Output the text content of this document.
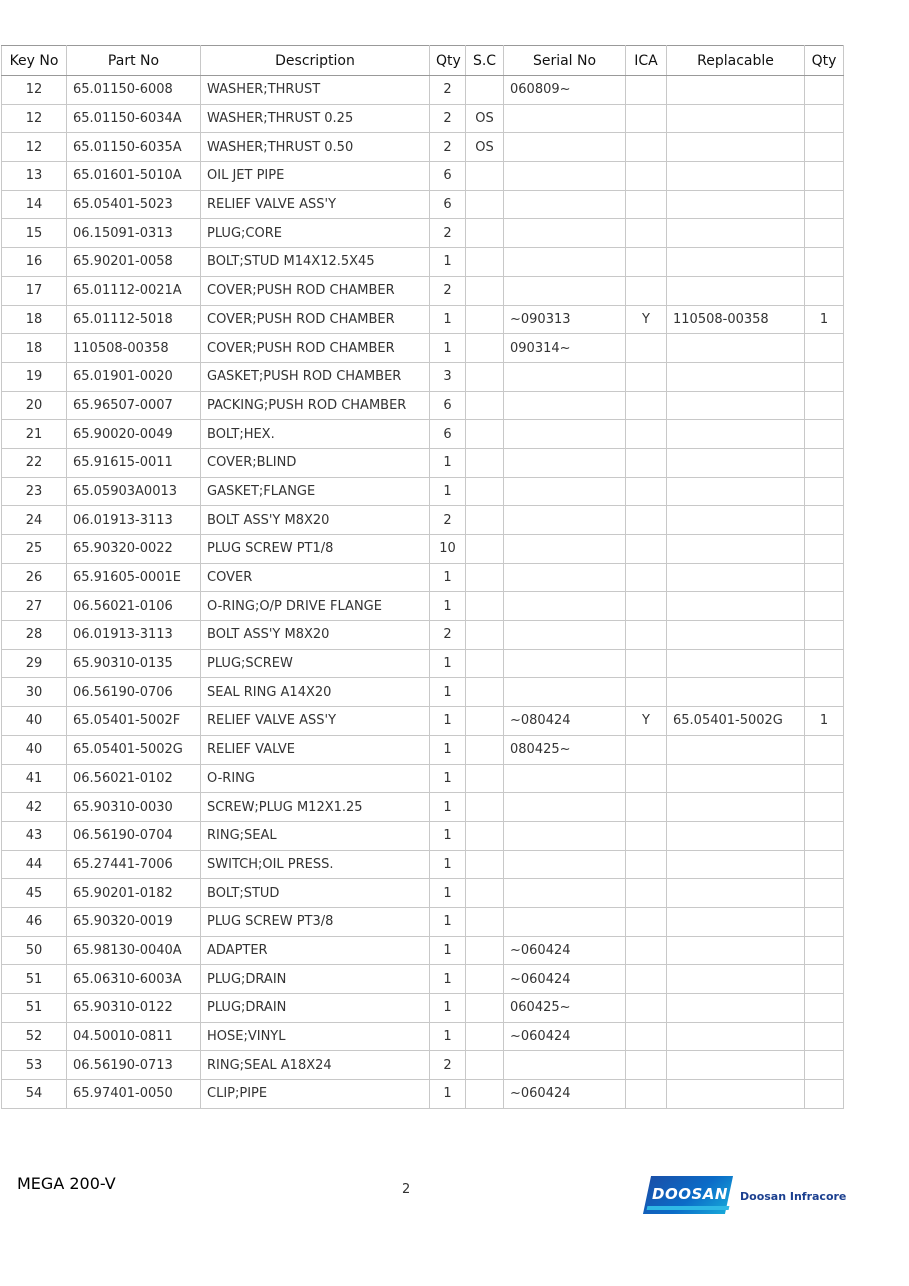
Key No	Part No	Description	Qty	S.C	Serial No	ICA	Replacable	Qty
12	65.01150-6008	WASHER;THRUST	2		060809~			
12	65.01150-6034A	WASHER;THRUST 0.25	2	OS				
12	65.01150-6035A	WASHER;THRUST 0.50	2	OS				
13	65.01601-5010A	OIL JET PIPE	6					
14	65.05401-5023	RELIEF VALVE ASS'Y	6					
15	06.15091-0313	PLUG;CORE	2					
16	65.90201-0058	BOLT;STUD M14X12.5X45	1					
17	65.01112-0021A	COVER;PUSH ROD CHAMBER	2					
18	65.01112-5018	COVER;PUSH ROD CHAMBER	1		~090313	Y	110508-00358	1
18	110508-00358	COVER;PUSH ROD CHAMBER	1		090314~			
19	65.01901-0020	GASKET;PUSH ROD CHAMBER	3					
20	65.96507-0007	PACKING;PUSH ROD CHAMBER	6					
21	65.90020-0049	BOLT;HEX.	6					
22	65.91615-0011	COVER;BLIND	1					
23	65.05903A0013	GASKET;FLANGE	1					
24	06.01913-3113	BOLT ASS'Y M8X20	2					
25	65.90320-0022	PLUG SCREW PT1/8	10					
26	65.91605-0001E	COVER	1					
27	06.56021-0106	O-RING;O/P DRIVE FLANGE	1					
28	06.01913-3113	BOLT ASS'Y M8X20	2					
29	65.90310-0135	PLUG;SCREW	1					
30	06.56190-0706	SEAL RING A14X20	1					
40	65.05401-5002F	RELIEF VALVE ASS'Y	1		~080424	Y	65.05401-5002G	1
40	65.05401-5002G	RELIEF VALVE	1		080425~			
41	06.56021-0102	O-RING	1					
42	65.90310-0030	SCREW;PLUG M12X1.25	1					
43	06.56190-0704	RING;SEAL	1					
44	65.27441-7006	SWITCH;OIL PRESS.	1					
45	65.90201-0182	BOLT;STUD	1					
46	65.90320-0019	PLUG SCREW PT3/8	1					
50	65.98130-0040A	ADAPTER	1		~060424			
51	65.06310-6003A	PLUG;DRAIN	1		~060424			
51	65.90310-0122	PLUG;DRAIN	1		060425~			
52	04.50010-0811	HOSE;VINYL	1		~060424			
53	06.56190-0713	RING;SEAL A18X24	2					
54	65.97401-0050	CLIP;PIPE	1		~060424			
MEGA 200-V	2	DOOSAN Doosan Infracore
